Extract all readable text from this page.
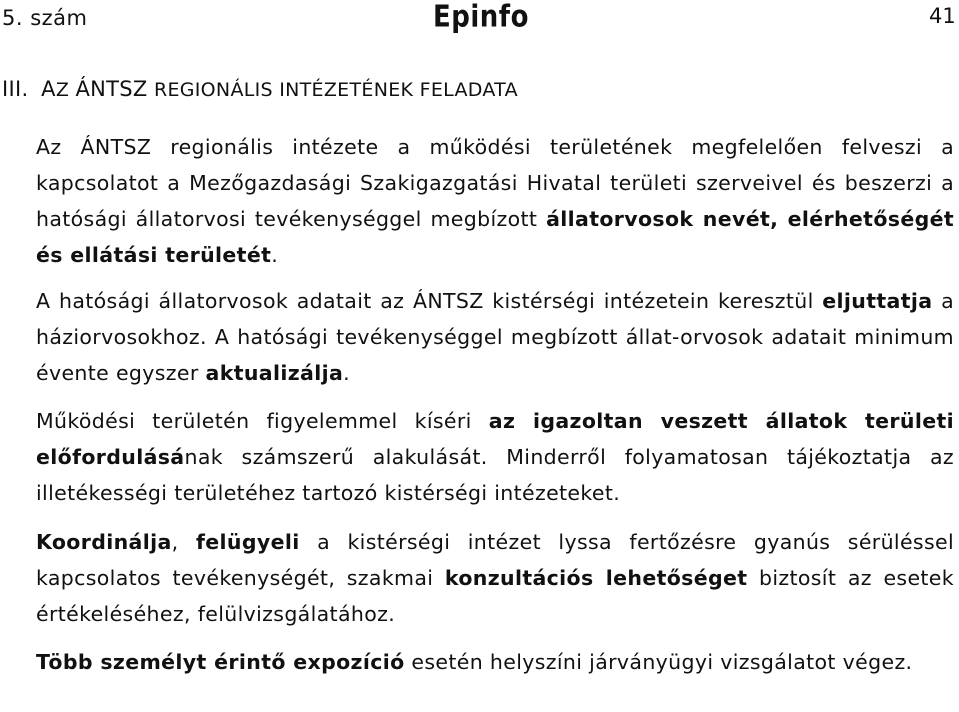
5. szám	Epinfo	41
III. AZ ÁNTSZ REGIONÁLIS INTÉZETÉNEK FELADATA
Az ÁNTSZ regionális intézete a működési területének megfelelően felveszi a kapcsolatot a Mezőgazdasági Szakigazgatási Hivatal területi szerveivel és beszerzi a hatósági állatorvosi tevékenységgel megbízott állatorvosok nevét, elérhetőségét és ellátási területét.
A hatósági állatorvosok adatait az ÁNTSZ kistérségi intézetein keresztül eljuttatja a háziorvosokhoz. A hatósági tevékenységgel megbízott állat-orvosok adatait minimum évente egyszer aktualizálja.
Működési területén figyelemmel kíséri az igazoltan veszett állatok területi előfordulásának számszerű alakulását. Minderről folyamatosan tájékoztatja az illetékességi területéhez tartozó kistérségi intézeteket.
Koordinálja, felügyeli a kistérségi intézet lyssa fertőzésre gyanús sérüléssel kapcsolatos tevékenységét, szakmai konzultációs lehetőséget biztosít az esetek értékeléséhez, felülvizsgálatához.
Több személyt érintő expozíció esetén helyszíni járványügyi vizsgálatot végez.
